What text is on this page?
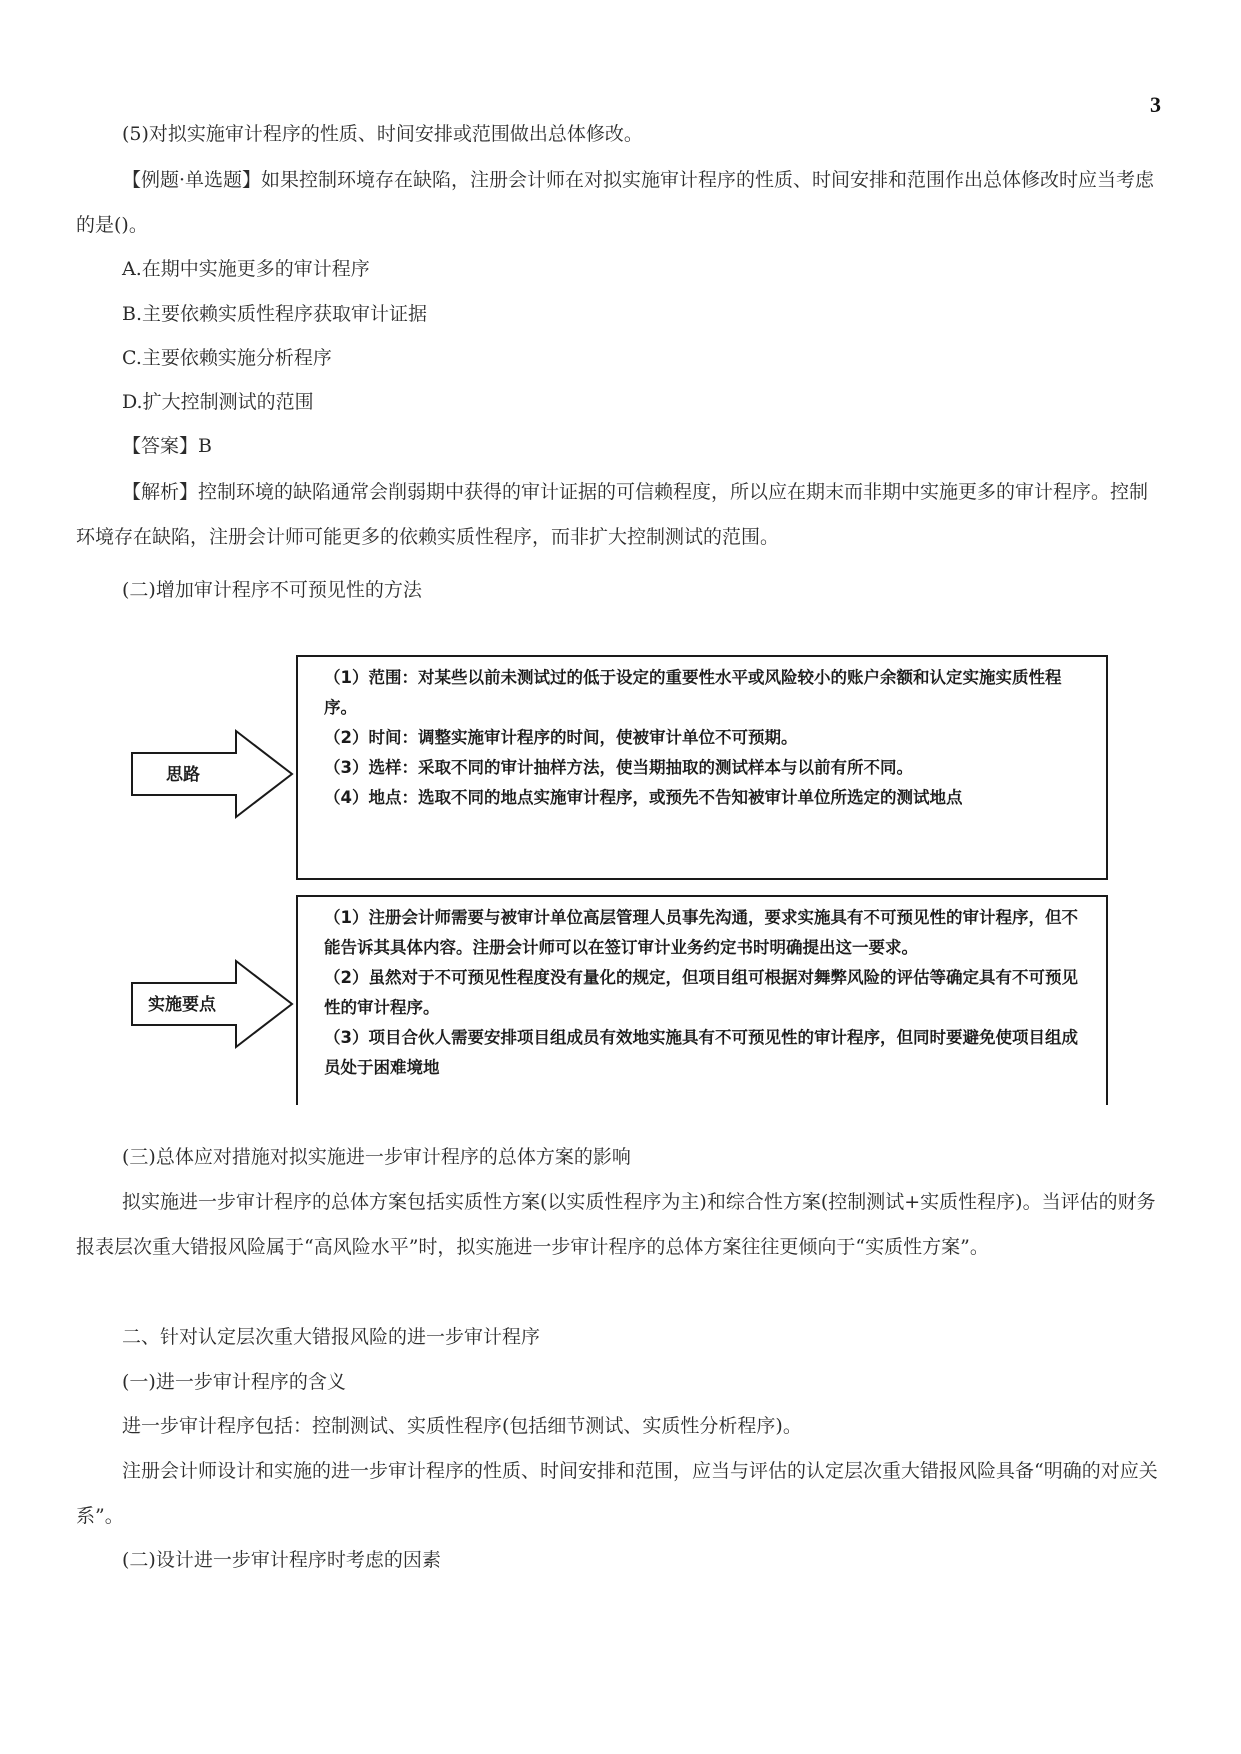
3

(5)对拟实施审计程序的性质、时间安排或范围做出总体修改。

【例题·单选题】如果控制环境存在缺陷，注册会计师在对拟实施审计程序的性质、时间安排和范围作出总体修改时应当考虑的是()。

A.在期中实施更多的审计程序

B.主要依赖实质性程序获取审计证据

C.主要依赖实施分析程序

D.扩大控制测试的范围

【答案】B

【解析】控制环境的缺陷通常会削弱期中获得的审计证据的可信赖程度，所以应在期末而非期中实施更多的审计程序。控制环境存在缺陷，注册会计师可能更多的依赖实质性程序，而非扩大控制测试的范围。

(二)增加审计程序不可预见性的方法

思路

（1）范围：对某些以前未测试过的低于设定的重要性水平或风险较小的账户余额和认定实施实质性程序。

（2）时间：调整实施审计程序的时间，使被审计单位不可预期。

（3）选样：采取不同的审计抽样方法，使当期抽取的测试样本与以前有所不同。

（4）地点：选取不同的地点实施审计程序，或预先不告知被审计单位所选定的测试地点

实施要点

（1）注册会计师需要与被审计单位高层管理人员事先沟通，要求实施具有不可预见性的审计程序，但不能告诉其具体内容。注册会计师可以在签订审计业务约定书时明确提出这一要求。

（2）虽然对于不可预见性程度没有量化的规定，但项目组可根据对舞弊风险的评估等确定具有不可预见性的审计程序。

（3）项目合伙人需要安排项目组成员有效地实施具有不可预见性的审计程序，但同时要避免使项目组成员处于困难境地

(三)总体应对措施对拟实施进一步审计程序的总体方案的影响

拟实施进一步审计程序的总体方案包括实质性方案(以实质性程序为主)和综合性方案(控制测试+实质性程序)。当评估的财务报表层次重大错报风险属于“高风险水平”时，拟实施进一步审计程序的总体方案往往更倾向于“实质性方案”。

二、针对认定层次重大错报风险的进一步审计程序

(一)进一步审计程序的含义

进一步审计程序包括：控制测试、实质性程序(包括细节测试、实质性分析程序)。

注册会计师设计和实施的进一步审计程序的性质、时间安排和范围，应当与评估的认定层次重大错报风险具备“明确的对应关系”。

(二)设计进一步审计程序时考虑的因素
